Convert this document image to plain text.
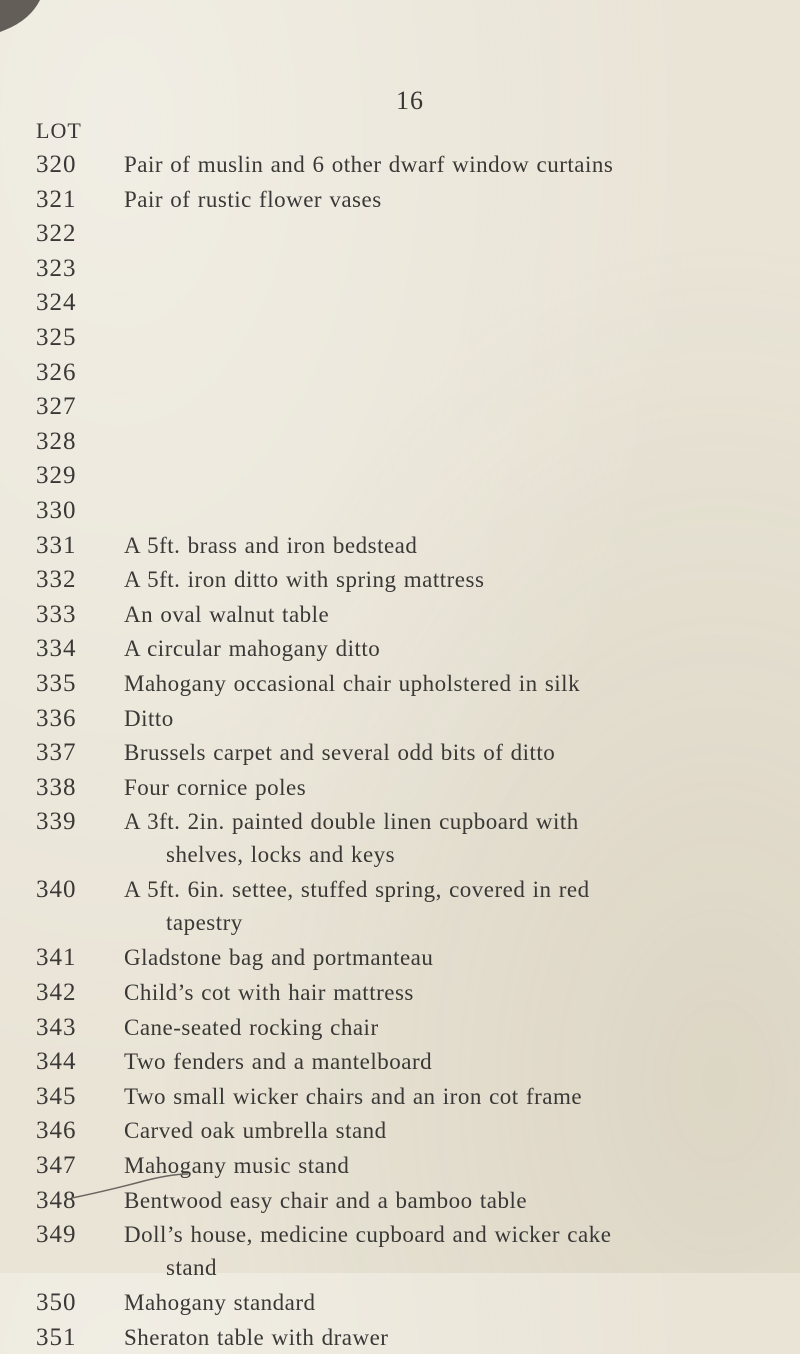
16
LOT
320	Pair of muslin and 6 other dwarf window curtains
321	Pair of rustic flower vases
322
323
324
325
326
327
328
329
330
331	A 5ft. brass and iron bedstead
332	A 5ft. iron ditto with spring mattress
333	An oval walnut table
334	A circular mahogany ditto
335	Mahogany occasional chair upholstered in silk
336	Ditto
337	Brussels carpet and several odd bits of ditto
338	Four cornice poles
339	A 3ft. 2in. painted double linen cupboard with
shelves, locks and keys
340	A 5ft. 6in. settee, stuffed spring, covered in red
tapestry
341	Gladstone bag and portmanteau
342	Child’s cot with hair mattress
343	Cane-seated rocking chair
344	Two fenders and a mantelboard
345	Two small wicker chairs and an iron cot frame
346	Carved oak umbrella stand
347	Mahogany music stand
348	Bentwood easy chair and a bamboo table
349	Doll’s house, medicine cupboard and wicker cake
stand
350	Mahogany standard
351	Sheraton table with drawer
